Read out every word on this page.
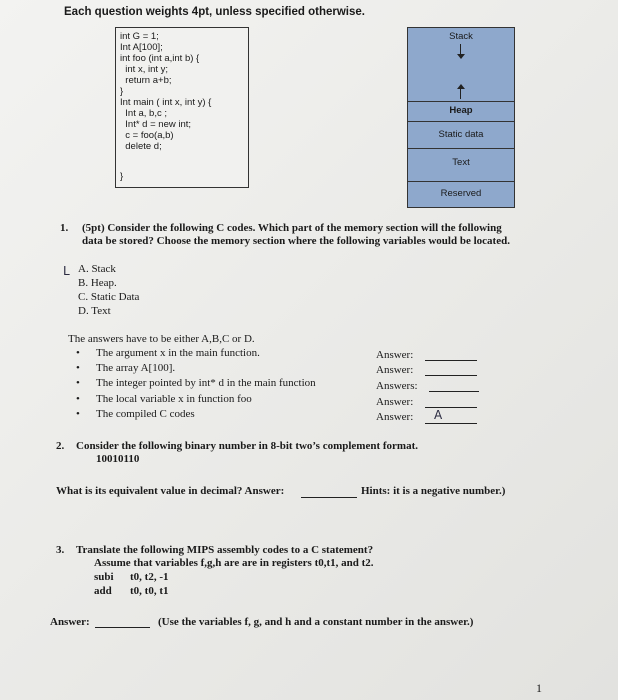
Each question weights 4pt, unless specified otherwise.
int G = 1;
Int A[100];
int foo (int a,int b) {
int x, int y;
return a+b;
}
Int main ( int x, int y) {
Int a, b,c ;
Int* d = new int;
c = foo(a,b)
delete d;
}
Stack
Heap
Static data
Text
Reserved
1. (5pt) Consider the following C codes. Which part of the memory section will the following
data be stored? Choose the memory section where the following variables would be located.
L A. Stack
B. Heap.
C. Static Data
D. Text
The answers have to be either A,B,C or D.
• The argument x in the main function.
• The array A[100].
• The integer pointed by int* d in the main function
• The local variable x in function foo
• The compiled C codes
Answer:
Answer:
Answers:
Answer:
Answer: A
2. Consider the following binary number in 8-bit two’s complement format.
10010110
What is its equivalent value in decimal? Answer:	Hints: it is a negative number.)
3. Translate the following MIPS assembly codes to a C statement?
Assume that variables f,g,h are are in registers t0,t1, and t2.
subi t0, t2, -1
add t0, t0, t1
Answer:	(Use the variables f, g, and h and a constant number in the answer.)
1
